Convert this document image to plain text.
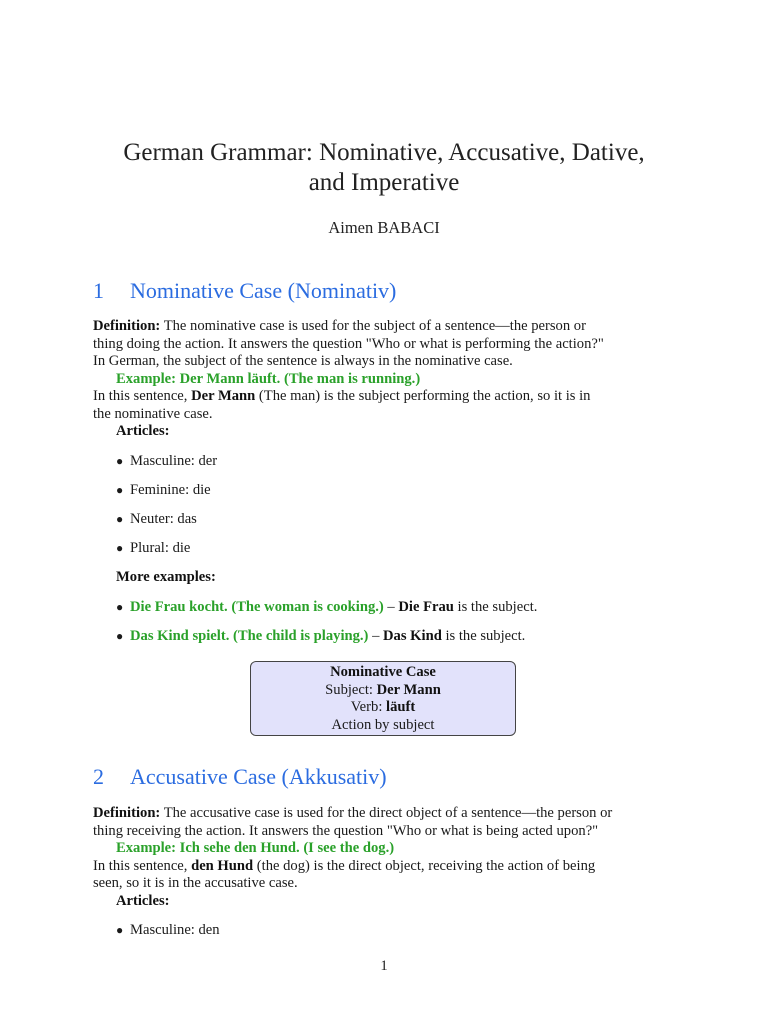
German Grammar: Nominative, Accusative, Dative,
and Imperative
Aimen BABACI
1 Nominative Case (Nominativ)
Definition: The nominative case is used for the subject of a sentence—the person or
thing doing the action. It answers the question "Who or what is performing the action?"
In German, the subject of the sentence is always in the nominative case.
Example: Der Mann läuft. (The man is running.)
In this sentence, Der Mann (The man) is the subject performing the action, so it is in
the nominative case.
Articles:
● Masculine: der
● Feminine: die
● Neuter: das
● Plural: die
More examples:
● Die Frau kocht. (The woman is cooking.) – Die Frau is the subject.
● Das Kind spielt. (The child is playing.) – Das Kind is the subject.
Nominative Case
Subject: Der Mann
Verb: läuft
Action by subject
2 Accusative Case (Akkusativ)
Definition: The accusative case is used for the direct object of a sentence—the person or
thing receiving the action. It answers the question "Who or what is being acted upon?"
Example: Ich sehe den Hund. (I see the dog.)
In this sentence, den Hund (the dog) is the direct object, receiving the action of being
seen, so it is in the accusative case.
Articles:
● Masculine: den
1
